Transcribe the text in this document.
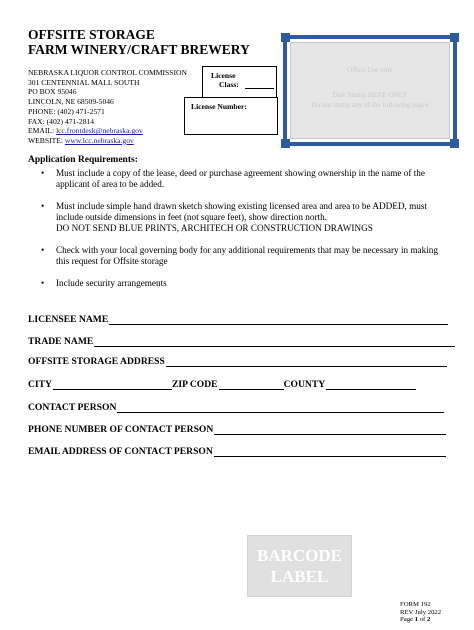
OFFSITE STORAGE
FARM WINERY/CRAFT BREWERY
NEBRASKA LIQUOR CONTROL COMMISSION
301 CENTENNIAL MALL SOUTH
PO BOX 95046
LINCOLN, NE 68509-5046
PHONE: (402) 471-2571
FAX: (402) 471-2814
EMAIL: lcc.frontdesk@nebraska.gov
WEBSITE: www.lcc.nebraska.gov
License
Class:
License Number:
Office Use only
Date Stamp HERE ONLY
Do not stamp any of the following pages
Application Requirements:
• Must include a copy of the lease, deed or purchase agreement showing ownership in the name of the applicant of area to be added.
• Must include simple hand drawn sketch showing existing licensed area and area to be ADDED, must include outside dimensions in feet (not square feet), show direction north.
DO NOT SEND BLUE PRINTS, ARCHITECH OR CONSTRUCTION DRAWINGS
• Check with your local governing body for any additional requirements that may be necessary in making this request for Offsite storage
• Include security arrangements
LICENSEE NAME
TRADE NAME
OFFSITE STORAGE ADDRESS
CITY	ZIP CODE	COUNTY
CONTACT PERSON
PHONE NUMBER OF CONTACT PERSON
EMAIL ADDRESS OF CONTACT PERSON
BARCODE
LABEL
FORM 192
REV July 2022
Page 1 of 2
